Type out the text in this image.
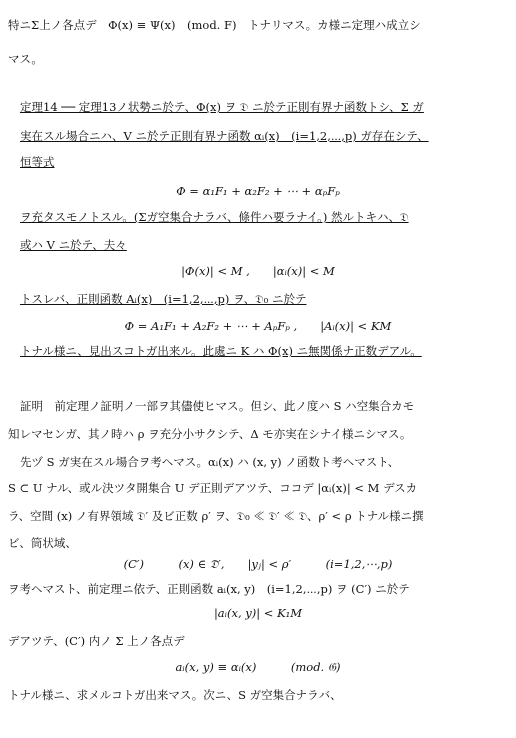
特ニΣ上ノ各点デ　Φ(x) ≡ Ψ(x)　(mod. F)　トナリマス。カ様ニ定理ハ成立シ
マス。
定理14 ── 定理13ノ状勢ニ於テ、Φ(x) ヲ 𝔇 ニ於テ正則有界ナ函数トシ、Σ ガ
実在スル場合ニハ、V ニ於テ正則有界ナ函数 αᵢ(x)　(i=1,2,⋯,p) ガ存在シテ、
恒等式
Φ = α₁F₁ + α₂F₂ + ⋯ + αₚFₚ
ヲ充タスモノトスル。(Σガ空集合ナラバ、條件ハ要ラナイ。) 然ルトキハ、𝔇
或ハ V ニ於テ、夫々
|Φ(x)| < M ,　　|αᵢ(x)| < M
トスレバ、正則函数 Aᵢ(x)　(i=1,2,⋯,p) ヲ、𝔇₀ ニ於テ
Φ = A₁F₁ + A₂F₂ + ⋯ + AₚFₚ ,　　|Aᵢ(x)| < KM
トナル様ニ、見出スコトガ出来ル。此處ニ K ハ Φ(x) ニ無関係ナ正数デアル。
証明　前定理ノ証明ノ一部ヲ其儘使ヒマス。但シ、此ノ度ハ S ハ空集合カモ
知レマセンガ、其ノ時ハ ρ ヲ充分小サクシテ、Δ モ亦実在シナイ様ニシマス。
先ヅ S ガ実在スル場合ヲ考ヘマス。αᵢ(x) ハ (x, y) ノ函数ト考ヘマスト、
S ⊂ U ナル、或ル決ツタ開集合 U デ正則デアツテ、ココデ |αᵢ(x)| < M デスカ
ラ、空間 (x) ノ有界領域 𝔇′ 及ビ正数 ρ′ ヲ、𝔇₀ ≪ 𝔇′ ≪ 𝔇、ρ′ < ρ トナル様ニ撰
ビ、筒状域、
(C′)　　　(x) ∈ 𝔇′,　　|yⱼ| < ρ′　　　(i=1,2,⋯,p)
ヲ考ヘマスト、前定理ニ依テ、正則函数 aᵢ(x, y)　(i=1,2,⋯,p) ヲ (C′) ニ於テ
|aᵢ(x, y)| < K₁M
デアツテ、(C′) 内ノ Σ 上ノ各点デ
aᵢ(x, y) ≡ αᵢ(x)　　　(mod. 𝔊)
トナル様ニ、求メルコトガ出来マス。次ニ、S ガ空集合ナラバ、
